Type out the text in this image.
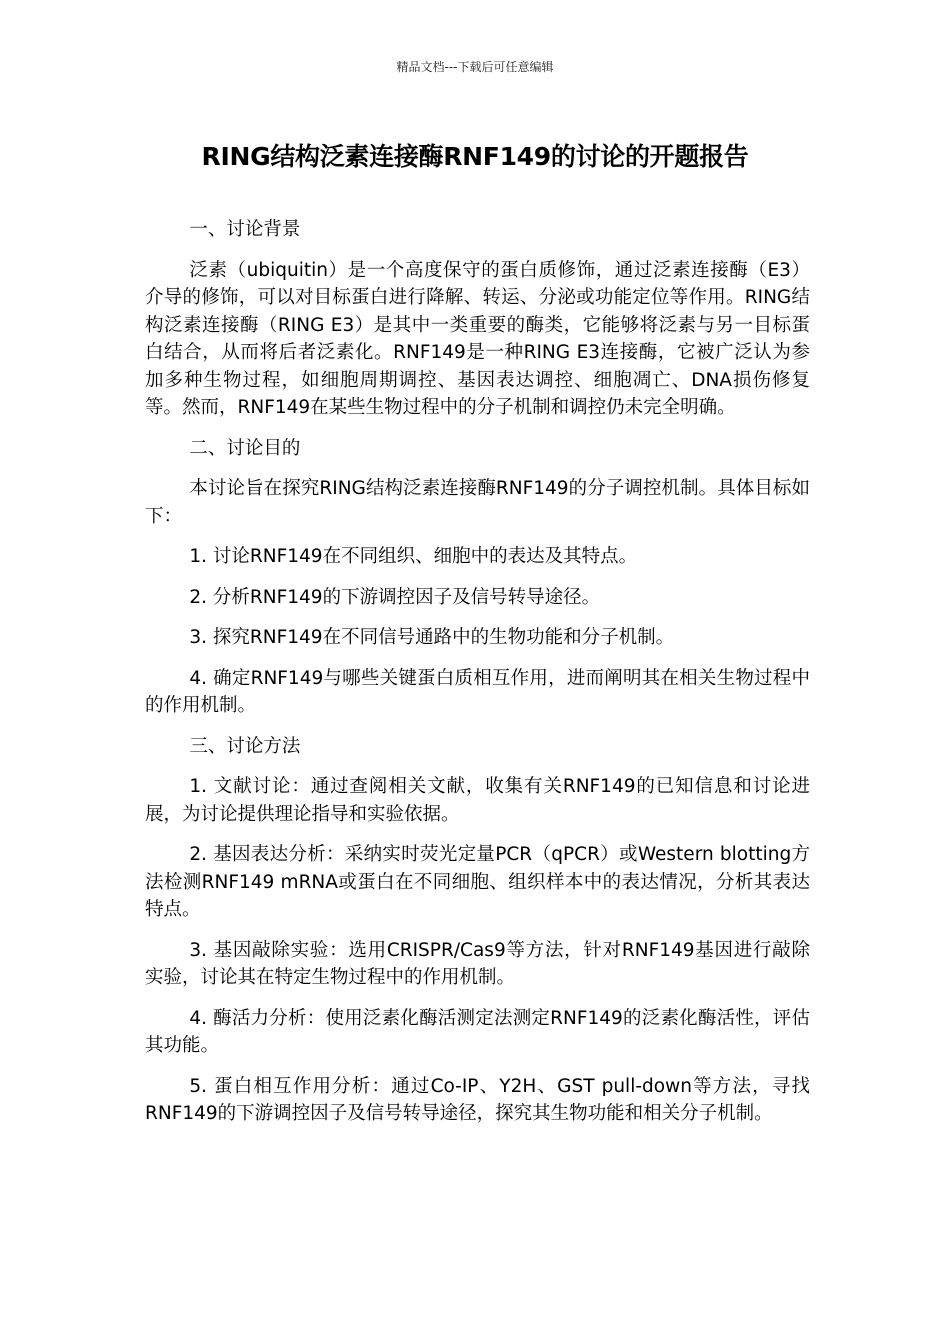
精品文档---下载后可任意编辑
RING结构泛素连接酶RNF149的讨论的开题报告
一、讨论背景
泛素（ubiquitin）是一个高度保守的蛋白质修饰，通过泛素连接酶（E3）介导的修饰，可以对目标蛋白进行降解、转运、分泌或功能定位等作用。RING结构泛素连接酶（RING E3）是其中一类重要的酶类，它能够将泛素与另一目标蛋白结合，从而将后者泛素化。RNF149是一种RING E3连接酶，它被广泛认为参加多种生物过程，如细胞周期调控、基因表达调控、细胞凋亡、DNA损伤修复等。然而，RNF149在某些生物过程中的分子机制和调控仍未完全明确。
二、讨论目的
本讨论旨在探究RING结构泛素连接酶RNF149的分子调控机制。具体目标如下：
1. 讨论RNF149在不同组织、细胞中的表达及其特点。
2. 分析RNF149的下游调控因子及信号转导途径。
3. 探究RNF149在不同信号通路中的生物功能和分子机制。
4. 确定RNF149与哪些关键蛋白质相互作用，进而阐明其在相关生物过程中的作用机制。
三、讨论方法
1. 文献讨论：通过查阅相关文献，收集有关RNF149的已知信息和讨论进展，为讨论提供理论指导和实验依据。
2. 基因表达分析：采纳实时荧光定量PCR（qPCR）或Western blotting方法检测RNF149 mRNA或蛋白在不同细胞、组织样本中的表达情况，分析其表达特点。
3. 基因敲除实验：选用CRISPR/Cas9等方法，针对RNF149基因进行敲除实验，讨论其在特定生物过程中的作用机制。
4. 酶活力分析：使用泛素化酶活测定法测定RNF149的泛素化酶活性，评估其功能。
5. 蛋白相互作用分析：通过Co-IP、Y2H、GST pull-down等方法，寻找RNF149的下游调控因子及信号转导途径，探究其生物功能和相关分子机制。
